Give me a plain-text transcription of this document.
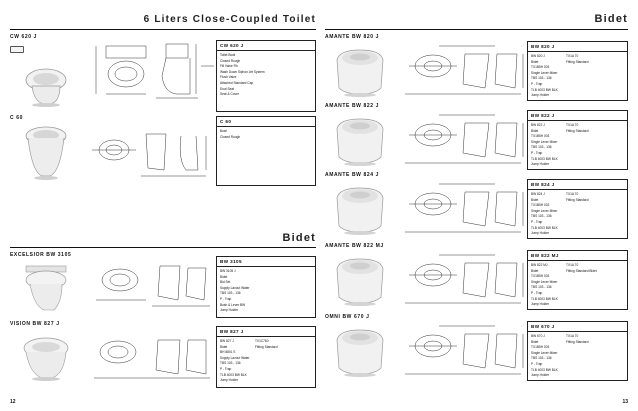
6 Liters Close-Coupled Toilet
CW 620 J
CW 620 J
Toilet Bowl
Closed Rough
Fill Valve Rh
Wash Down Siphon Jet System
Flush Valve
Attached Standard Cap
Dual Seat
Seat & Cover
C 60
C 60
Bowl
Closed Rough
Bidet
EXCELSIOR BW 3105
BW 3105
BW 3105 J
Bidet
Bid Set
Supply Lavout Water
TBS 103 - 136
P - Trap
Bush & Lever BW
Jump Holder
VISION BW 827 J
BW 827 J
BW 827 J
Bidet
BH 8801 S
Supply Lavout Water
TBS 103 - 136
P - Trap
TLB 4003 BW BLK
Jump Holder
TX1C760
Fitting Standard
12
Bidet
AMANTE BW 820 J
BW 820 J
BW 820 J
Bidet
TX1B5H 003
Single Lever Mixer
TBS 103 - 136
P - Trap
TLB 4003 BW BLK
Jump Holder
TX1A 70
Fitting Standard
AMANTE BW 822 J
BW 822 J
BW 822 J
Bidet
TX1B5H 003
Single Lever Mixer
TBS 103 - 136
P - Trap
TLB 4003 BW BLK
Jump Holder
TX1A 70
Fitting Standard
AMANTE BW 824 J
BW 824 J
BW 824 J
Bidet
TX1B5H 003
Single Lever Mixer
TBS 103 - 136
P - Trap
TLB 4003 BW BLK
Jump Holder
TX1A 70
Fitting Standard
AMANTE BW 822 MJ
BW 822 MJ
BW 822 MJ
Bidet
TX1B5H 003
Single Lever Mixer
TBS 103 - 136
P - Trap
TLB 4003 BW BLK
Jump Holder
TX1A 70
Fitting Standard Bidet
OMNI BW 670 J
BW 670 J
BW 670 J
Bidet
TX1B5H 003
Single Lever Mixer
TBS 103 - 136
P - Trap
TLB 4003 BW BLK
Jump Holder
TX1A 70
Fitting Standard
13
